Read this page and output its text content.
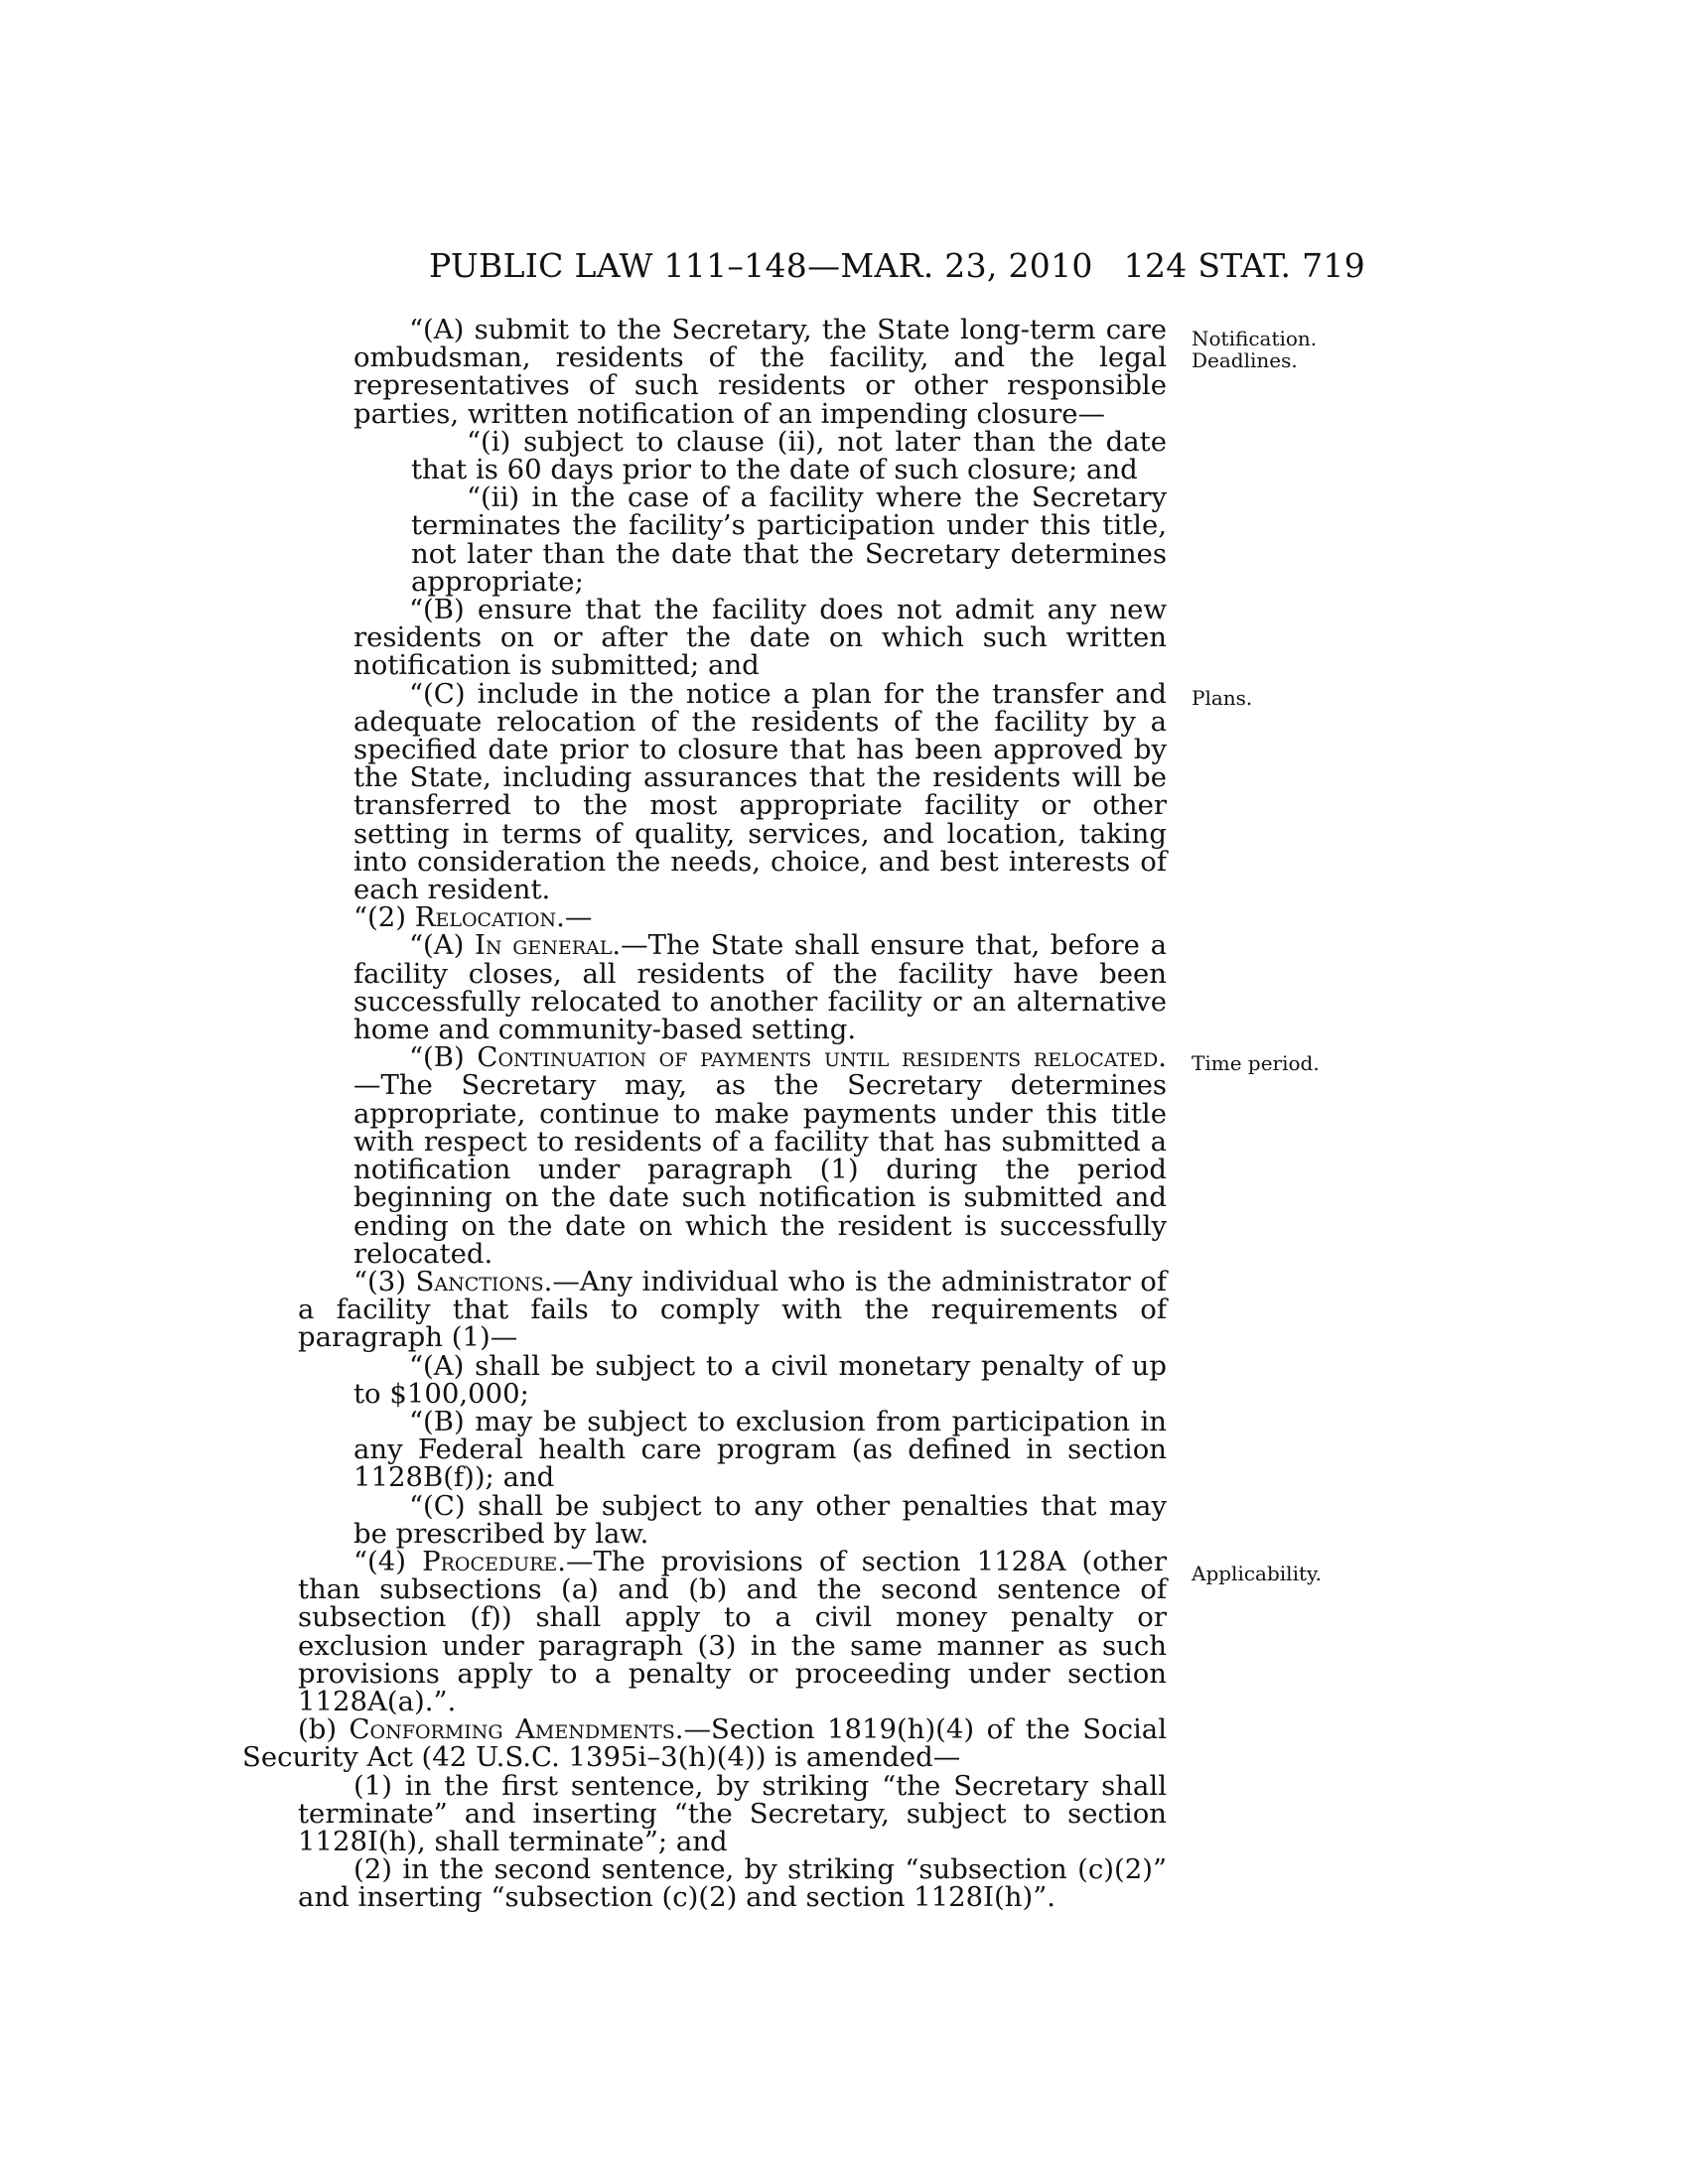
PUBLIC LAW 111–148—MAR. 23, 2010 124 STAT. 719
Notification.
Deadlines.
Plans.
Time period.
Applicability.

“(A) submit to the Secretary, the State long-term care ombudsman, residents of the facility, and the legal representatives of such residents or other responsible parties, written notification of an impending closure—

“(i) subject to clause (ii), not later than the date that is 60 days prior to the date of such closure; and

“(ii) in the case of a facility where the Secretary terminates the facility’s participation under this title, not later than the date that the Secretary determines appropriate;

“(B) ensure that the facility does not admit any new residents on or after the date on which such written notification is submitted; and

“(C) include in the notice a plan for the transfer and adequate relocation of the residents of the facility by a specified date prior to closure that has been approved by the State, including assurances that the residents will be transferred to the most appropriate facility or other setting in terms of quality, services, and location, taking into consideration the needs, choice, and best interests of each resident.

“(2) Relocation.—

“(A) In general.—The State shall ensure that, before a facility closes, all residents of the facility have been successfully relocated to another facility or an alternative home and community-based setting.

“(B) Continuation of payments until residents relocated.—The Secretary may, as the Secretary determines appropriate, continue to make payments under this title with respect to residents of a facility that has submitted a notification under paragraph (1) during the period beginning on the date such notification is submitted and ending on the date on which the resident is successfully relocated.

“(3) Sanctions.—Any individual who is the administrator of a facility that fails to comply with the requirements of paragraph (1)—

“(A) shall be subject to a civil monetary penalty of up to $100,000;

“(B) may be subject to exclusion from participation in any Federal health care program (as defined in section 1128B(f)); and

“(C) shall be subject to any other penalties that may be prescribed by law.

“(4) Procedure.—The provisions of section 1128A (other than subsections (a) and (b) and the second sentence of subsection (f)) shall apply to a civil money penalty or exclusion under paragraph (3) in the same manner as such provisions apply to a penalty or proceeding under section 1128A(a).”.

(b) Conforming Amendments.—Section 1819(h)(4) of the Social Security Act (42 U.S.C. 1395i–3(h)(4)) is amended—

(1) in the first sentence, by striking “the Secretary shall terminate” and inserting “the Secretary, subject to section 1128I(h), shall terminate”; and

(2) in the second sentence, by striking “subsection (c)(2)” and inserting “subsection (c)(2) and section 1128I(h)”.
